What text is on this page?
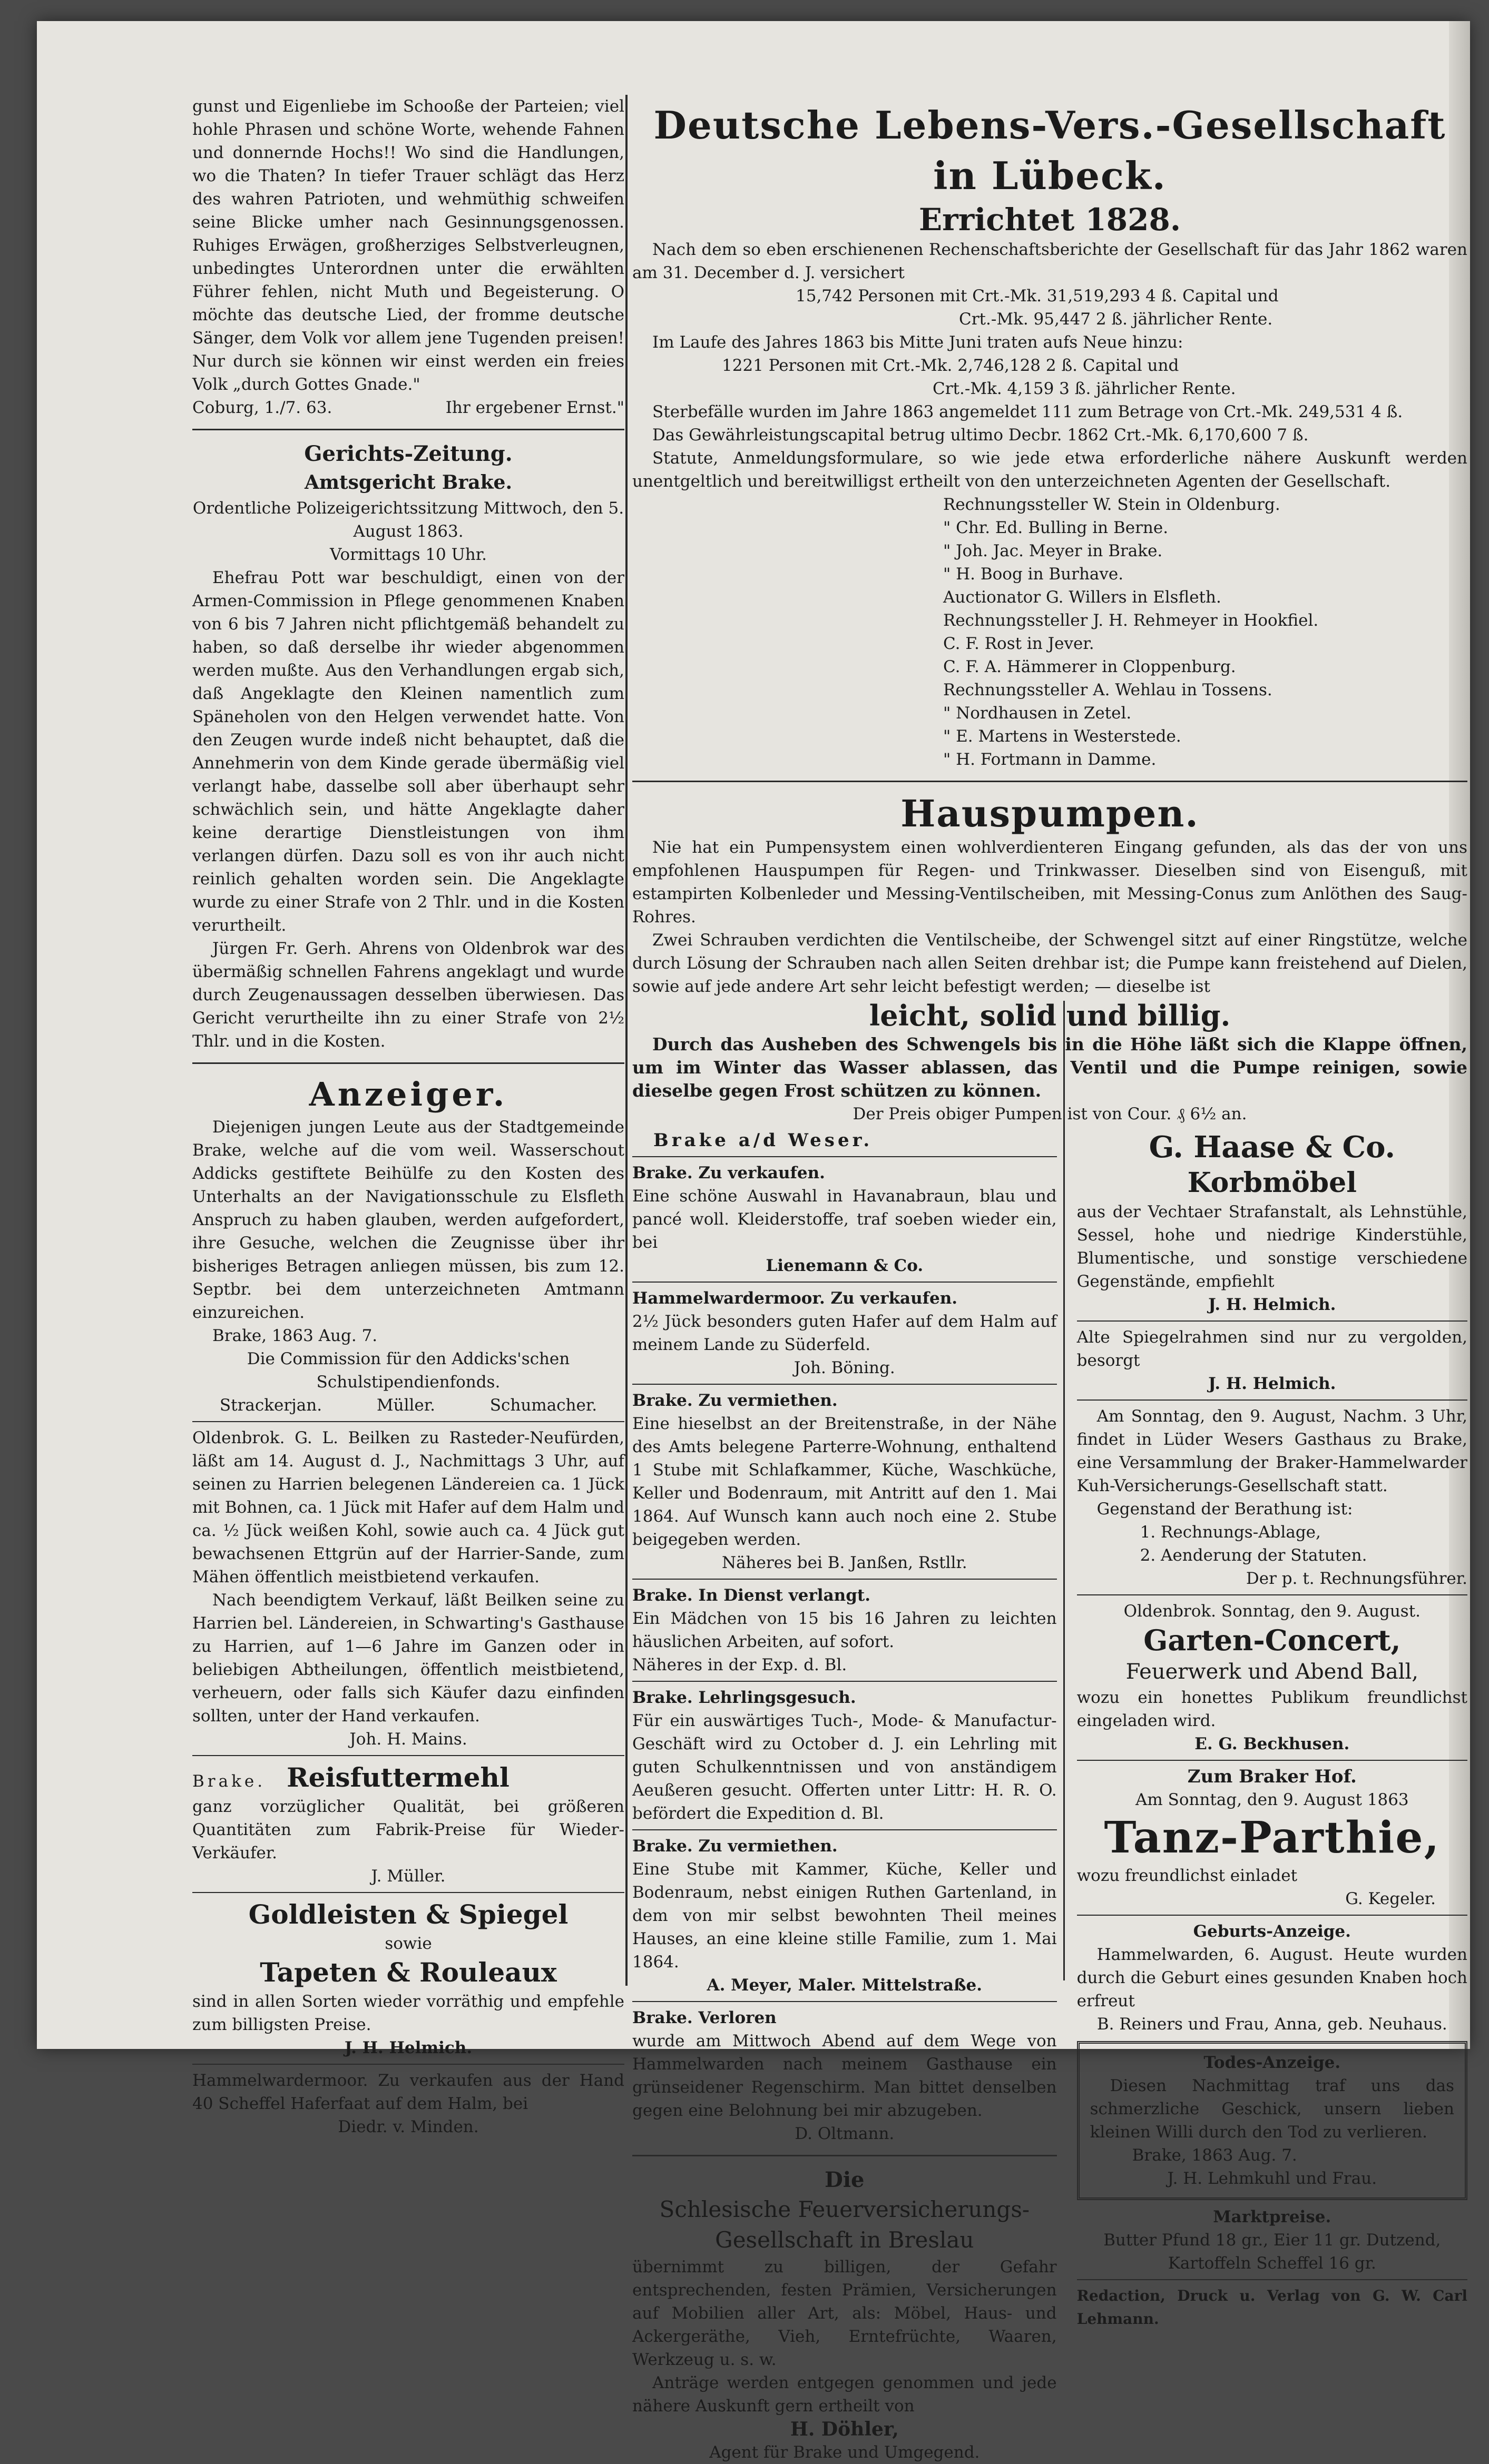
gunst und Eigenliebe im Schooße der Parteien; viel hohle Phrasen und schöne Worte, wehende Fahnen und donnernde Hochs!! Wo sind die Handlungen, wo die Thaten? In tiefer Trauer schlägt das Herz des wahren Patrioten, und wehmüthig schweifen seine Blicke umher nach Gesinnungsgenossen. Ruhiges Erwägen, großherziges Selbstverleugnen, unbedingtes Unterordnen unter die erwählten Führer fehlen, nicht Muth und Begeisterung. O möchte das deutsche Lied, der fromme deutsche Sänger, dem Volk vor allem jene Tugenden preisen! Nur durch sie können wir einst werden ein freies Volk „durch Gottes Gnade."

Coburg, 1./7. 63.	Ihr ergebener Ernst."

Gerichts-Zeitung.

Amtsgericht Brake.

Ordentliche Polizeigerichtssitzung Mittwoch, den 5. August 1863.

Vormittags 10 Uhr.

Ehefrau Pott war beschuldigt, einen von der Armen-Commission in Pflege genommenen Knaben von 6 bis 7 Jahren nicht pflichtgemäß behandelt zu haben, so daß derselbe ihr wieder abgenommen werden mußte. Aus den Verhandlungen ergab sich, daß Angeklagte den Kleinen namentlich zum Späneholen von den Helgen verwendet hatte. Von den Zeugen wurde indeß nicht behauptet, daß die Annehmerin von dem Kinde gerade übermäßig viel verlangt habe, dasselbe soll aber überhaupt sehr schwächlich sein, und hätte Angeklagte daher keine derartige Dienstleistungen von ihm verlangen dürfen. Dazu soll es von ihr auch nicht reinlich gehalten worden sein. Die Angeklagte wurde zu einer Strafe von 2 Thlr. und in die Kosten verurtheilt.

Jürgen Fr. Gerh. Ahrens von Oldenbrok war des übermäßig schnellen Fahrens angeklagt und wurde durch Zeugenaussagen desselben überwiesen. Das Gericht verurtheilte ihn zu einer Strafe von 2½ Thlr. und in die Kosten.

Anzeiger.

Diejenigen jungen Leute aus der Stadtgemeinde Brake, welche auf die vom weil. Wasserschout Addicks gestiftete Beihülfe zu den Kosten des Unterhalts an der Navigationsschule zu Elsfleth Anspruch zu haben glauben, werden aufgefordert, ihre Gesuche, welchen die Zeugnisse über ihr bisheriges Betragen anliegen müssen, bis zum 12. Septbr. bei dem unterzeichneten Amtmann einzureichen.

Brake, 1863 Aug. 7.

Die Commission für den Addicks'schen Schulstipendienfonds.

Strackerjan.	Müller.	Schumacher.

Oldenbrok. G. L. Beilken zu Rasteder-Neufürden, läßt am 14. August d. J., Nachmittags 3 Uhr, auf seinen zu Harrien belegenen Ländereien ca. 1 Jück mit Bohnen, ca. 1 Jück mit Hafer auf dem Halm und ca. ½ Jück weißen Kohl, sowie auch ca. 4 Jück gut bewachsenen Ettgrün auf der Harrier-Sande, zum Mähen öffentlich meistbietend verkaufen.

Nach beendigtem Verkauf, läßt Beilken seine zu Harrien bel. Ländereien, in Schwarting's Gasthause zu Harrien, auf 1—6 Jahre im Ganzen oder in beliebigen Abtheilungen, öffentlich meistbietend, verheuern, oder falls sich Käufer dazu einfinden sollten, unter der Hand verkaufen.

Joh. H. Mains.

Brake. Reisfuttermehl

ganz vorzüglicher Qualität, bei größeren Quantitäten zum Fabrik-Preise für Wieder-Verkäufer.

J. Müller.

Goldleisten & Spiegel

sowie

Tapeten & Rouleaux

sind in allen Sorten wieder vorräthig und empfehle zum billigsten Preise.

J. H. Helmich.

Hammelwardermoor. Zu verkaufen aus der Hand 40 Scheffel Haferfaat auf dem Halm, bei

Diedr. v. Minden.

Deutsche Lebens-Vers.-Gesellschaft in Lübeck.

Errichtet 1828.

Nach dem so eben erschienenen Rechenschaftsberichte der Gesellschaft für das Jahr 1862 waren am 31. December d. J. versichert

15,742 Personen mit Crt.-Mk. 31,519,293 4 ß. Capital und

Crt.-Mk. 95,447 2 ß. jährlicher Rente.

Im Laufe des Jahres 1863 bis Mitte Juni traten aufs Neue hinzu:

1221 Personen mit Crt.-Mk. 2,746,128 2 ß. Capital und

Crt.-Mk. 4,159 3 ß. jährlicher Rente.

Sterbefälle wurden im Jahre 1863 angemeldet 111 zum Betrage von Crt.-Mk. 249,531 4 ß.

Das Gewährleistungscapital betrug ultimo Decbr. 1862 Crt.-Mk. 6,170,600 7 ß.

Statute, Anmeldungsformulare, so wie jede etwa erforderliche nähere Auskunft werden unentgeltlich und bereitwilligst ertheilt von den unterzeichneten Agenten der Gesellschaft.

Rechnungssteller W. Stein in Oldenburg.

" Chr. Ed. Bulling in Berne.

" Joh. Jac. Meyer in Brake.

" H. Boog in Burhave.

Auctionator G. Willers in Elsfleth.

Rechnungssteller J. H. Rehmeyer in Hookfiel.

C. F. Rost in Jever.

C. F. A. Hämmerer in Cloppenburg.

Rechnungssteller A. Wehlau in Tossens.

" Nordhausen in Zetel.

" E. Martens in Westerstede.

" H. Fortmann in Damme.

Hauspumpen.

Nie hat ein Pumpensystem einen wohlverdienteren Eingang gefunden, als das der von uns empfohlenen Hauspumpen für Regen- und Trinkwasser. Dieselben sind von Eisenguß, mit estampirten Kolbenleder und Messing-Ventilscheiben, mit Messing-Conus zum Anlöthen des Saug-Rohres.

Zwei Schrauben verdichten die Ventilscheibe, der Schwengel sitzt auf einer Ringstütze, welche durch Lösung der Schrauben nach allen Seiten drehbar ist; die Pumpe kann freistehend auf Dielen, sowie auf jede andere Art sehr leicht befestigt werden; — dieselbe ist

leicht, solid und billig.

Durch das Ausheben des Schwengels bis in die Höhe läßt sich die Klappe öffnen, um im Winter das Wasser ablassen, das Ventil und die Pumpe reinigen, sowie dieselbe gegen Frost schützen zu können.

Der Preis obiger Pumpen ist von Cour. ₰ 6½ an.

Brake a/d Weser.

Brake. Zu verkaufen.

Eine schöne Auswahl in Havanabraun, blau und pancé woll. Kleiderstoffe, traf soeben wieder ein, bei

Lienemann & Co.

Hammelwardermoor. Zu verkaufen.

2½ Jück besonders guten Hafer auf dem Halm auf meinem Lande zu Süderfeld.

Joh. Böning.

Brake. Zu vermiethen.

Eine hieselbst an der Breitenstraße, in der Nähe des Amts belegene Parterre-Wohnung, enthaltend 1 Stube mit Schlafkammer, Küche, Waschküche, Keller und Bodenraum, mit Antritt auf den 1. Mai 1864. Auf Wunsch kann auch noch eine 2. Stube beigegeben werden.

Näheres bei B. Janßen, Rstllr.

Brake. In Dienst verlangt.

Ein Mädchen von 15 bis 16 Jahren zu leichten häuslichen Arbeiten, auf sofort.

Näheres in der Exp. d. Bl.

Brake. Lehrlingsgesuch.

Für ein auswärtiges Tuch-, Mode- & Manufactur-Geschäft wird zu October d. J. ein Lehrling mit guten Schulkenntnissen und von anständigem Aeußeren gesucht. Offerten unter Littr: H. R. O. befördert die Expedition d. Bl.

Brake. Zu vermiethen.

Eine Stube mit Kammer, Küche, Keller und Bodenraum, nebst einigen Ruthen Gartenland, in dem von mir selbst bewohnten Theil meines Hauses, an eine kleine stille Familie, zum 1. Mai 1864.

A. Meyer, Maler. Mittelstraße.

Brake. Verloren

wurde am Mittwoch Abend auf dem Wege von Hammelwarden nach meinem Gasthause ein grünseidener Regenschirm. Man bittet denselben gegen eine Belohnung bei mir abzugeben.

D. Oltmann.

Die

Schlesische Feuerversicherungs-Gesellschaft in Breslau

übernimmt zu billigen, der Gefahr entsprechenden, festen Prämien, Versicherungen auf Mobilien aller Art, als: Möbel, Haus- und Ackergeräthe, Vieh, Erntefrüchte, Waaren, Werkzeug u. s. w.

Anträge werden entgegen genommen und jede nähere Auskunft gern ertheilt von

H. Döhler,

Agent für Brake und Umgegend.

G. Haase & Co.

Korbmöbel

aus der Vechtaer Strafanstalt, als Lehnstühle, Sessel, hohe und niedrige Kinderstühle, Blumentische, und sonstige verschiedene Gegenstände, empfiehlt

J. H. Helmich.

Alte Spiegelrahmen sind nur zu vergolden, besorgt

J. H. Helmich.

Am Sonntag, den 9. August, Nachm. 3 Uhr, findet in Lüder Wesers Gasthaus zu Brake, eine Versammlung der Braker-Hammelwarder Kuh-Versicherungs-Gesellschaft statt.

Gegenstand der Berathung ist:

1. Rechnungs-Ablage,

2. Aenderung der Statuten.

Der p. t. Rechnungsführer.

Oldenbrok. Sonntag, den 9. August.

Garten-Concert,

Feuerwerk und Abend Ball,

wozu ein honettes Publikum freundlichst eingeladen wird.

E. G. Beckhusen.

Zum Braker Hof.

Am Sonntag, den 9. August 1863

Tanz-Parthie,

wozu freundlichst einladet

G. Kegeler.

Geburts-Anzeige.

Hammelwarden, 6. August. Heute wurden durch die Geburt eines gesunden Knaben hoch erfreut

B. Reiners und Frau, Anna, geb. Neuhaus.

Todes-Anzeige.

Diesen Nachmittag traf uns das schmerzliche Geschick, unsern lieben kleinen Willi durch den Tod zu verlieren.

Brake, 1863 Aug. 7.

J. H. Lehmkuhl und Frau.

Marktpreise.

Butter Pfund 18 gr., Eier 11 gr. Dutzend, Kartoffeln Scheffel 16 gr.

Redaction, Druck u. Verlag von G. W. Carl Lehmann.
